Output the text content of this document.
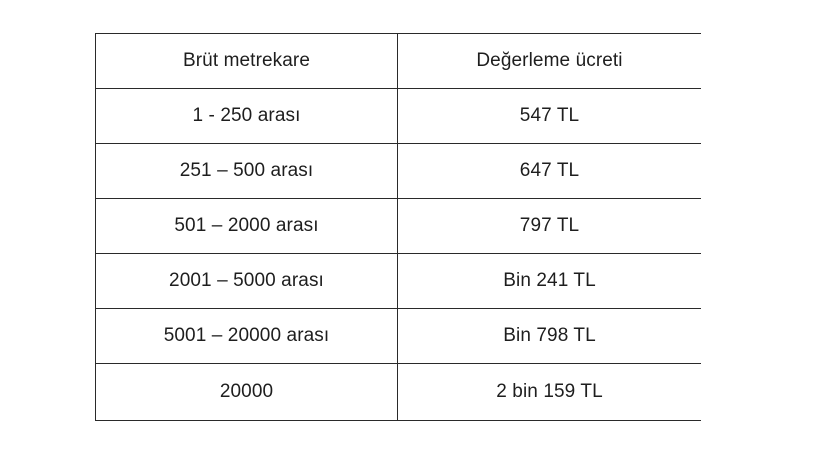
Brüt metrekare	Değerleme ücreti
1 - 250 arası	547 TL
251 – 500 arası	647 TL
501 – 2000 arası	797 TL
2001 – 5000 arası	Bin 241 TL
5001 – 20000 arası	Bin 798 TL
20000	2 bin 159 TL
